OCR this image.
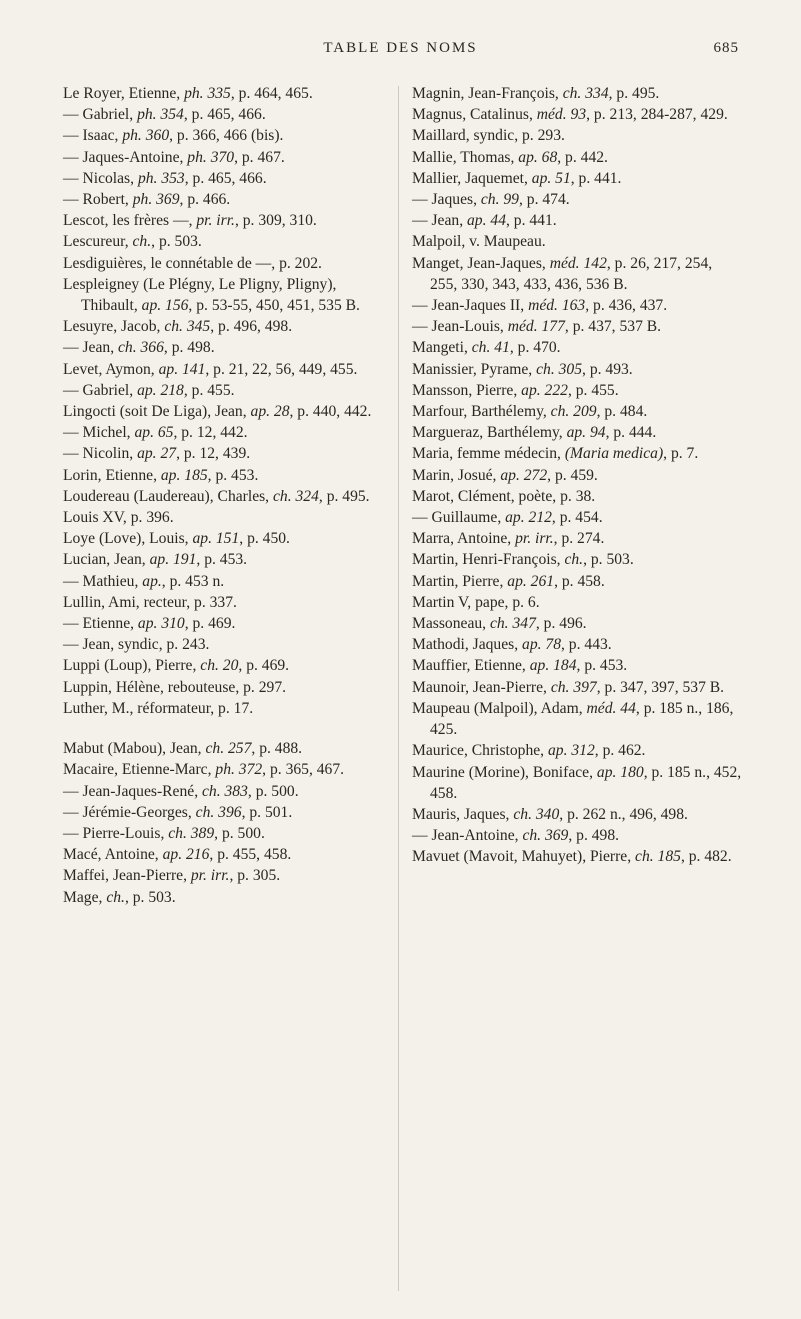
TABLE DES NOMS	685

Le Royer, Etienne, ph. 335, p. 464, 465.

— Gabriel, ph. 354, p. 465, 466.

— Isaac, ph. 360, p. 366, 466 (bis).

— Jaques-Antoine, ph. 370, p. 467.

— Nicolas, ph. 353, p. 465, 466.

— Robert, ph. 369, p. 466.

Lescot, les frères —, pr. irr., p. 309, 310.

Lescureur, ch., p. 503.

Lesdiguières, le connétable de —, p. 202.

Lespleigney (Le Plégny, Le Pligny, Pligny), Thibault, ap. 156, p. 53-55, 450, 451, 535 B.

Lesuyre, Jacob, ch. 345, p. 496, 498.

— Jean, ch. 366, p. 498.

Levet, Aymon, ap. 141, p. 21, 22, 56, 449, 455.

— Gabriel, ap. 218, p. 455.

Lingocti (soit De Liga), Jean, ap. 28, p. 440, 442.

— Michel, ap. 65, p. 12, 442.

— Nicolin, ap. 27, p. 12, 439.

Lorin, Etienne, ap. 185, p. 453.

Loudereau (Laudereau), Charles, ch. 324, p. 495.

Louis XV, p. 396.

Loye (Love), Louis, ap. 151, p. 450.

Lucian, Jean, ap. 191, p. 453.

— Mathieu, ap., p. 453 n.

Lullin, Ami, recteur, p. 337.

— Etienne, ap. 310, p. 469.

— Jean, syndic, p. 243.

Luppi (Loup), Pierre, ch. 20, p. 469.

Luppin, Hélène, rebouteuse, p. 297.

Luther, M., réformateur, p. 17.

Mabut (Mabou), Jean, ch. 257, p. 488.

Macaire, Etienne-Marc, ph. 372, p. 365, 467.

— Jean-Jaques-René, ch. 383, p. 500.

— Jérémie-Georges, ch. 396, p. 501.

— Pierre-Louis, ch. 389, p. 500.

Macé, Antoine, ap. 216, p. 455, 458.

Maffei, Jean-Pierre, pr. irr., p. 305.

Mage, ch., p. 503.

Magnin, Jean-François, ch. 334, p. 495.

Magnus, Catalinus, méd. 93, p. 213, 284-287, 429.

Maillard, syndic, p. 293.

Mallie, Thomas, ap. 68, p. 442.

Mallier, Jaquemet, ap. 51, p. 441.

— Jaques, ch. 99, p. 474.

— Jean, ap. 44, p. 441.

Malpoil, v. Maupeau.

Manget, Jean-Jaques, méd. 142, p. 26, 217, 254, 255, 330, 343, 433, 436, 536 B.

— Jean-Jaques II, méd. 163, p. 436, 437.

— Jean-Louis, méd. 177, p. 437, 537 B.

Mangeti, ch. 41, p. 470.

Manissier, Pyrame, ch. 305, p. 493.

Mansson, Pierre, ap. 222, p. 455.

Marfour, Barthélemy, ch. 209, p. 484.

Margueraz, Barthélemy, ap. 94, p. 444.

Maria, femme médecin, (Maria medica), p. 7.

Marin, Josué, ap. 272, p. 459.

Marot, Clément, poète, p. 38.

— Guillaume, ap. 212, p. 454.

Marra, Antoine, pr. irr., p. 274.

Martin, Henri-François, ch., p. 503.

Martin, Pierre, ap. 261, p. 458.

Martin V, pape, p. 6.

Massoneau, ch. 347, p. 496.

Mathodi, Jaques, ap. 78, p. 443.

Mauffier, Etienne, ap. 184, p. 453.

Maunoir, Jean-Pierre, ch. 397, p. 347, 397, 537 B.

Maupeau (Malpoil), Adam, méd. 44, p. 185 n., 186, 425.

Maurice, Christophe, ap. 312, p. 462.

Maurine (Morine), Boniface, ap. 180, p. 185 n., 452, 458.

Mauris, Jaques, ch. 340, p. 262 n., 496, 498.

— Jean-Antoine, ch. 369, p. 498.

Mavuet (Mavoit, Mahuyet), Pierre, ch. 185, p. 482.
